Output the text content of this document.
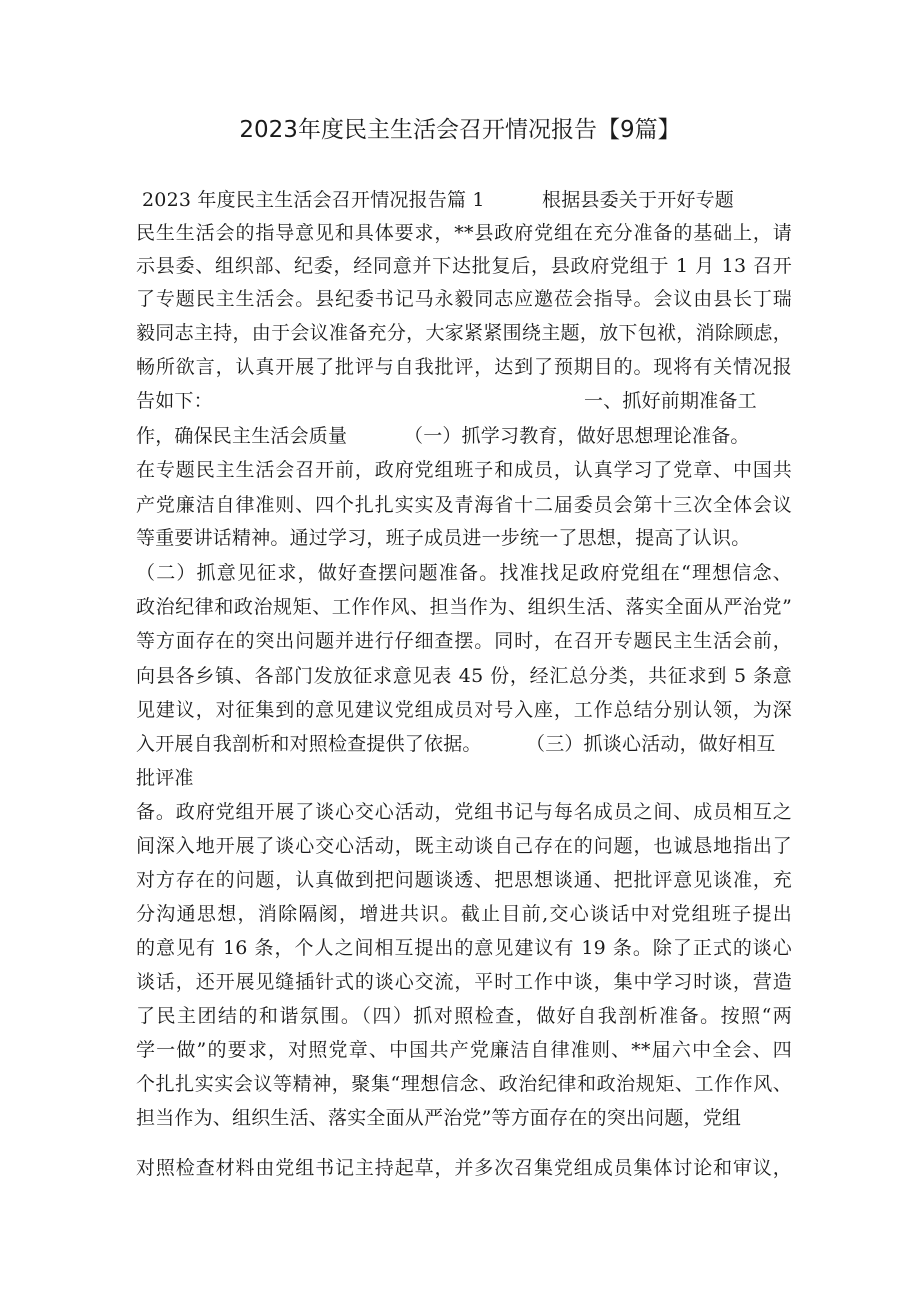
2023年度民主生活会召开情况报告【9篇】
2023 年度民主生活会召开情况报告篇 1	根据县委关于开好专题
民生生活会的指导意见和具体要求，**县政府党组在充分准备的基础上，请
示县委、组织部、纪委，经同意并下达批复后，县政府党组于 1 月 13 召开
了专题民主生活会。县纪委书记马永毅同志应邀莅会指导。会议由县长丁瑞
毅同志主持，由于会议准备充分，大家紧紧围绕主题，放下包袱，消除顾虑，
畅所欲言，认真开展了批评与自我批评，达到了预期目的。现将有关情况报
告如下：	一、抓好前期准备工
作，确保民主生活会质量	（一）抓学习教育，做好思想理论准备。
在专题民主生活会召开前，政府党组班子和成员，认真学习了党章、中国共
产党廉洁自律准则、四个扎扎实实及青海省十二届委员会第十三次全体会议
等重要讲话精神。通过学习，班子成员进一步统一了思想，提高了认识。
（二）抓意见征求，做好查摆问题准备。找准找足政府党组在“理想信念、
政治纪律和政治规矩、工作作风、担当作为、组织生活、落实全面从严治党”
等方面存在的突出问题并进行仔细查摆。同时，在召开专题民主生活会前，
向县各乡镇、各部门发放征求意见表 45 份，经汇总分类，共征求到 5 条意
见建议，对征集到的意见建议党组成员对号入座，工作总结分别认领，为深
入开展自我剖析和对照检查提供了依据。 （三）抓谈心活动，做好相互
批评准
备。政府党组开展了谈心交心活动，党组书记与每名成员之间、成员相互之
间深入地开展了谈心交心活动，既主动谈自己存在的问题，也诚恳地指出了
对方存在的问题，认真做到把问题谈透、把思想谈通、把批评意见谈准，充
分沟通思想，消除隔阂，增进共识。截止目前,交心谈话中对党组班子提出
的意见有 16 条，个人之间相互提出的意见建议有 19 条。除了正式的谈心
谈话，还开展见缝插针式的谈心交流，平时工作中谈，集中学习时谈，营造
了民主团结的和谐氛围。（四）抓对照检查，做好自我剖析准备。按照“两
学一做”的要求，对照党章、中国共产党廉洁自律准则、**届六中全会、四
个扎扎实实会议等精神，聚集“理想信念、政治纪律和政治规矩、工作作风、
担当作为、组织生活、落实全面从严治党”等方面存在的突出问题，党组
对照检查材料由党组书记主持起草，并多次召集党组成员集体讨论和审议，
